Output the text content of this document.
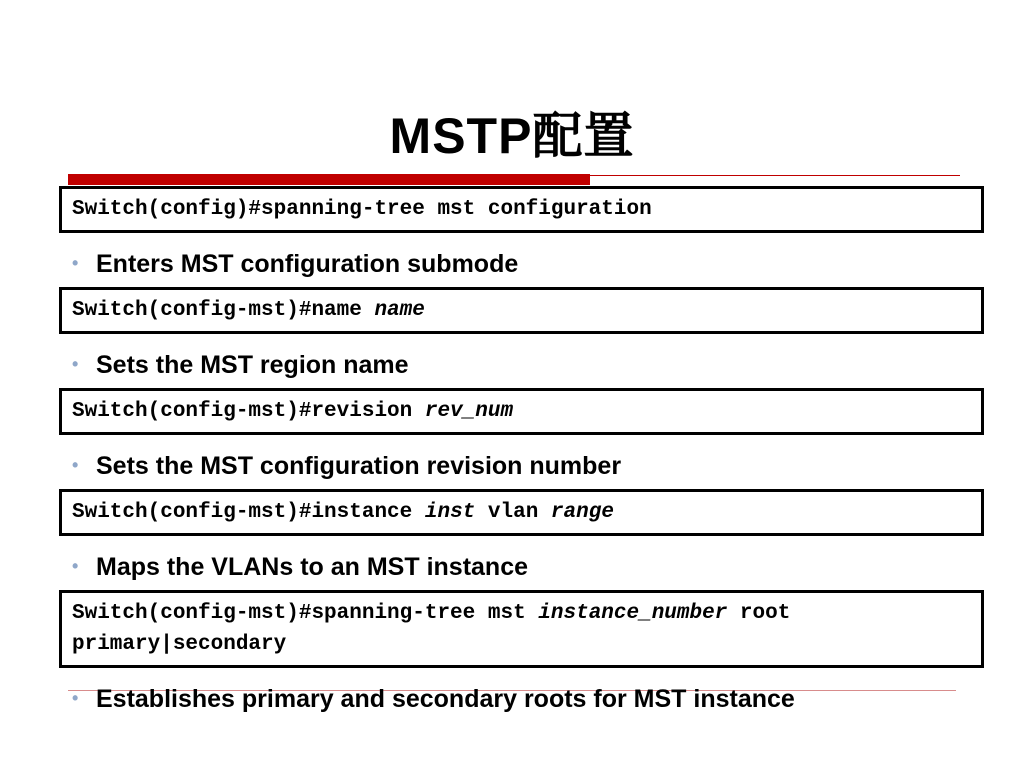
MSTP配置
Switch(config)#spanning-tree mst configuration
• Enters MST configuration submode
Switch(config-mst)#name name
• Sets the MST region name
Switch(config-mst)#revision rev_num
• Sets the MST configuration revision number
Switch(config-mst)#instance inst vlan range
• Maps the VLANs to an MST instance
Switch(config-mst)#spanning-tree mst instance_number root
primary|secondary
• Establishes primary and secondary roots for MST instance
